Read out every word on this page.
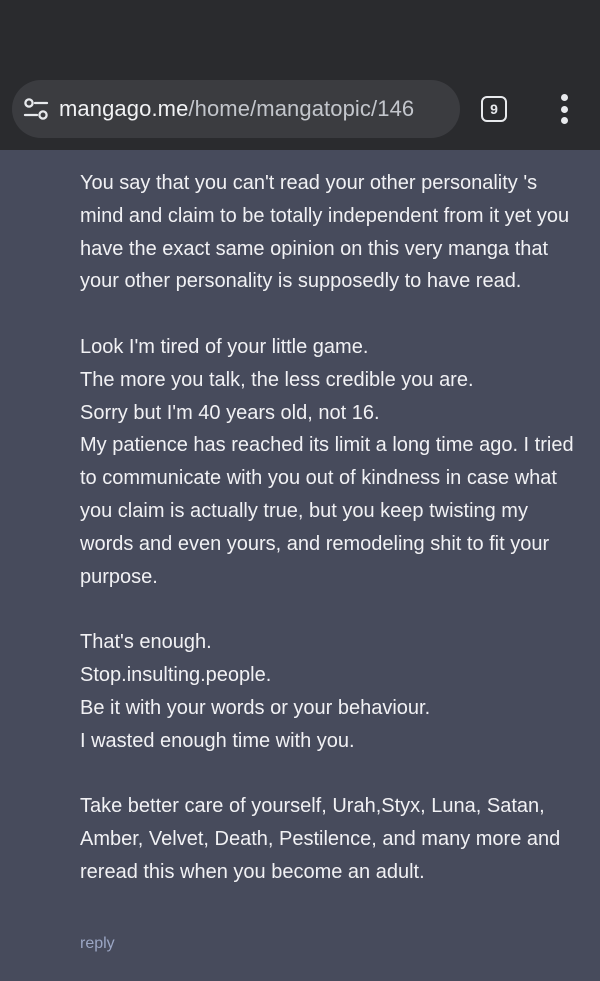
mangago.me/home/mangatopic/146	9

You say that you can't read your other personality 's mind and claim to be totally independent from it yet you have the exact same opinion on this very manga that your other personality is supposedly to have read.

Look I'm tired of your little game.

The more you talk, the less credible you are.

Sorry but I'm 40 years old, not 16.

My patience has reached its limit a long time ago. I tried to communicate with you out of kindness in case what you claim is actually true, but you keep twisting my words and even yours, and remodeling shit to fit your purpose.

That's enough.

Stop.insulting.people.

Be it with your words or your behaviour.

I wasted enough time with you.

Take better care of yourself, Urah,Styx, Luna, Satan, Amber, Velvet, Death, Pestilence, and many more and reread this when you become an adult.

reply
